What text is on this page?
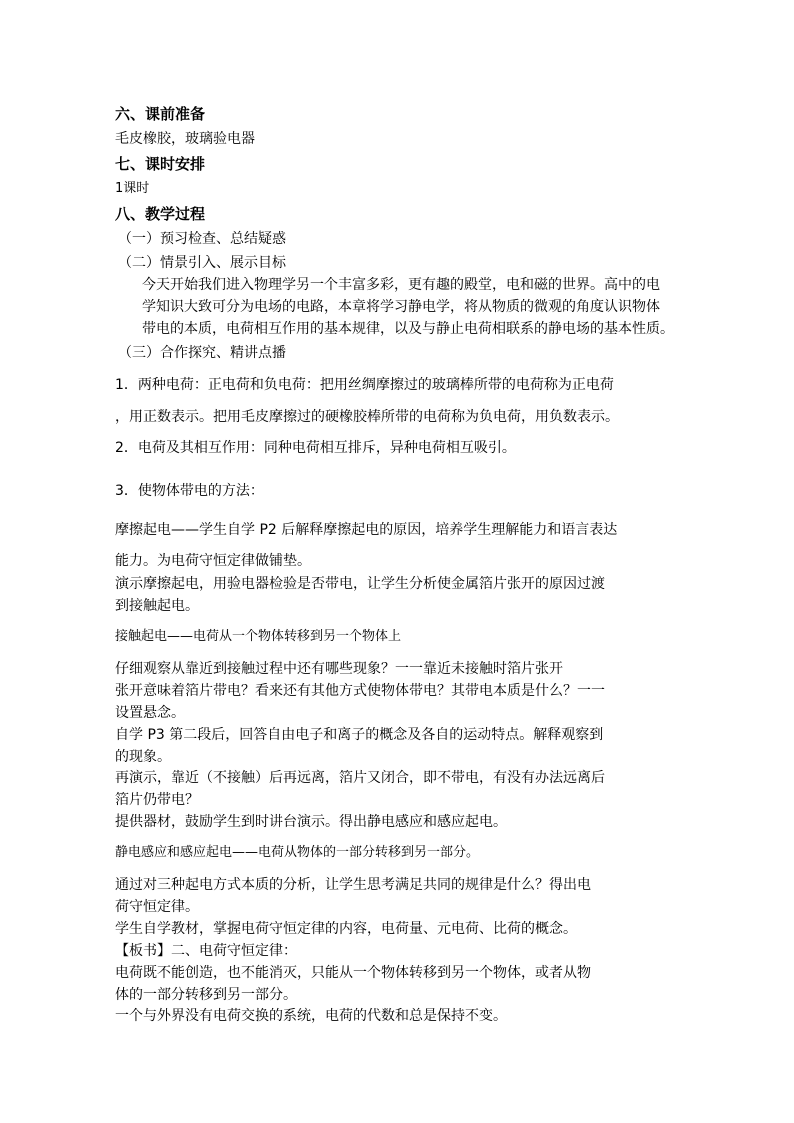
六、课前准备
毛皮橡胶，玻璃验电器
七、课时安排
1课时
八、教学过程
（一）预习检查、总结疑惑
（二）情景引入、展示目标
今天开始我们进入物理学另一个丰富多彩，更有趣的殿堂，电和磁的世界。高中的电
学知识大致可分为电场的电路，本章将学习静电学，将从物质的微观的角度认识物体
带电的本质，电荷相互作用的基本规律，以及与静止电荷相联系的静电场的基本性质。
（三）合作探究、精讲点播
1．两种电荷：正电荷和负电荷：把用丝绸摩擦过的玻璃棒所带的电荷称为正电荷
，用正数表示。把用毛皮摩擦过的硬橡胶棒所带的电荷称为负电荷，用负数表示。
2．电荷及其相互作用：同种电荷相互排斥，异种电荷相互吸引。
3．使物体带电的方法：
摩擦起电——学生自学 P2 后解释摩擦起电的原因，培养学生理解能力和语言表达
能力。为电荷守恒定律做铺垫。
演示摩擦起电，用验电器检验是否带电，让学生分析使金属箔片张开的原因过渡
到接触起电。
接触起电——电荷从一个物体转移到另一个物体上
仔细观察从靠近到接触过程中还有哪些现象？一一靠近未接触时箔片张开
张开意味着箔片带电？看来还有其他方式使物体带电？其带电本质是什么？一一
设置悬念。
自学 P3 第二段后，回答自由电子和离子的概念及各自的运动特点。解释观察到
的现象。
再演示，靠近（不接触）后再远离，箔片又闭合，即不带电，有没有办法远离后
箔片仍带电？
提供器材，鼓励学生到时讲台演示。得出静电感应和感应起电。
静电感应和感应起电——电荷从物体的一部分转移到另一部分。
通过对三种起电方式本质的分析，让学生思考满足共同的规律是什么？得出电
荷守恒定律。
学生自学教材，掌握电荷守恒定律的内容，电荷量、元电荷、比荷的概念。
【板书】二、电荷守恒定律：
电荷既不能创造，也不能消灭，只能从一个物体转移到另一个物体，或者从物
体的一部分转移到另一部分。
一个与外界没有电荷交换的系统，电荷的代数和总是保持不变。
